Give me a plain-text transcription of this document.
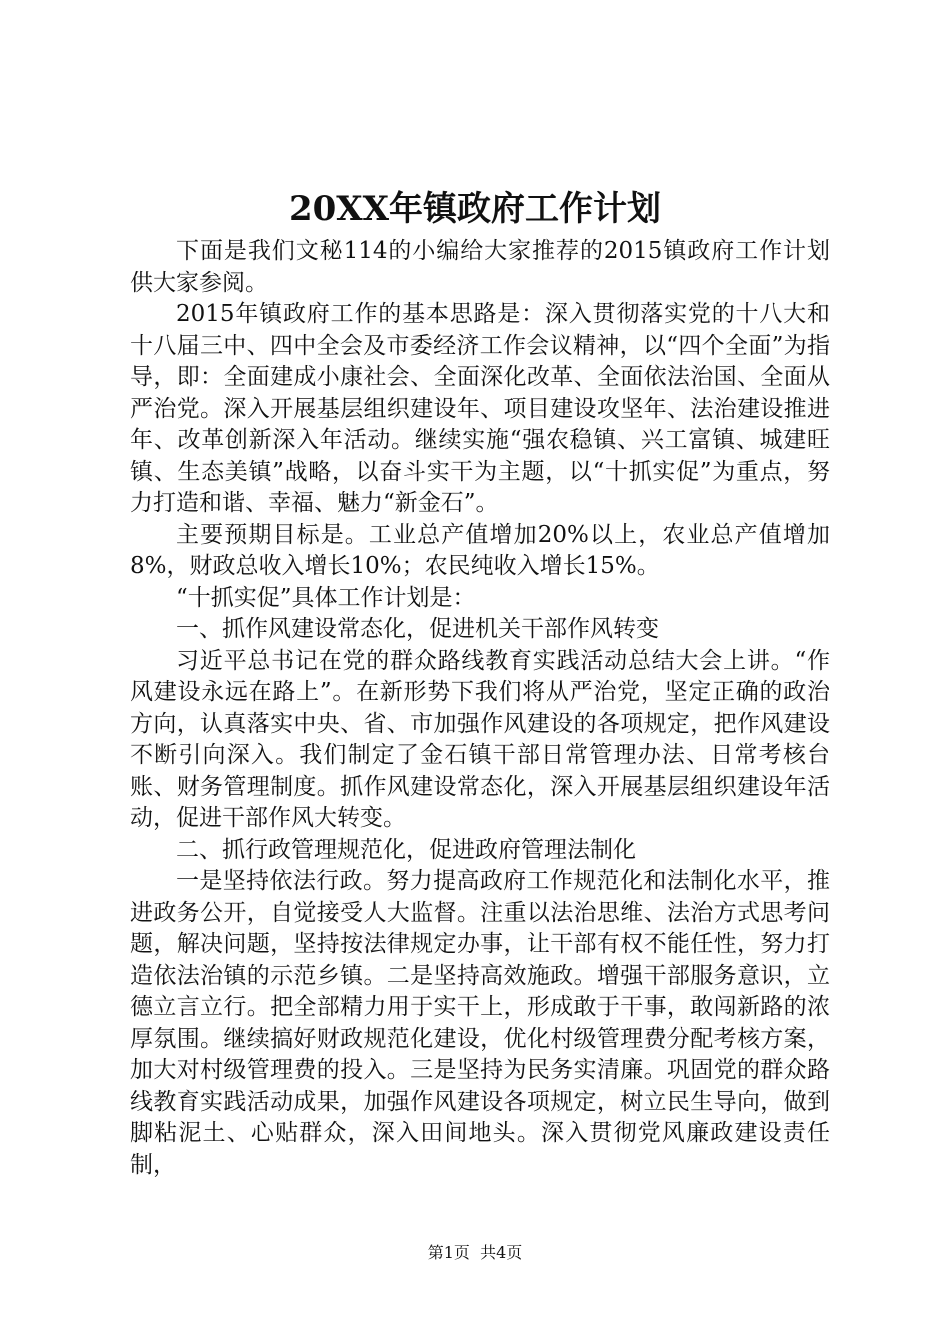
20XX年镇政府工作计划

下面是我们文秘114的小编给大家推荐的2015镇政府工作计划供大家参阅。

2015年镇政府工作的基本思路是：深入贯彻落实党的十八大和十八届三中、四中全会及市委经济工作会议精神，以“四个全面”为指导，即：全面建成小康社会、全面深化改革、全面依法治国、全面从严治党。深入开展基层组织建设年、项目建设攻坚年、法治建设推进年、改革创新深入年活动。继续实施“强农稳镇、兴工富镇、城建旺镇、生态美镇”战略，以奋斗实干为主题，以“十抓实促”为重点，努力打造和谐、幸福、魅力“新金石”。

主要预期目标是。工业总产值增加20%以上，农业总产值增加8%，财政总收入增长10%；农民纯收入增长15%。

“十抓实促”具体工作计划是：

一、抓作风建设常态化，促进机关干部作风转变

习近平总书记在党的群众路线教育实践活动总结大会上讲。“作风建设永远在路上”。在新形势下我们将从严治党，坚定正确的政治方向，认真落实中央、省、市加强作风建设的各项规定，把作风建设不断引向深入。我们制定了金石镇干部日常管理办法、日常考核台账、财务管理制度。抓作风建设常态化，深入开展基层组织建设年活动，促进干部作风大转变。

二、抓行政管理规范化，促进政府管理法制化

一是坚持依法行政。努力提高政府工作规范化和法制化水平，推进政务公开，自觉接受人大监督。注重以法治思维、法治方式思考问题，解决问题，坚持按法律规定办事，让干部有权不能任性，努力打造依法治镇的示范乡镇。二是坚持高效施政。增强干部服务意识，立德立言立行。把全部精力用于实干上，形成敢于干事，敢闯新路的浓厚氛围。继续搞好财政规范化建设，优化村级管理费分配考核方案，加大对村级管理费的投入。三是坚持为民务实清廉。巩固党的群众路线教育实践活动成果，加强作风建设各项规定，树立民生导向，做到脚粘泥土、心贴群众，深入田间地头。深入贯彻党风廉政建设责任制，

第1页 共4页
